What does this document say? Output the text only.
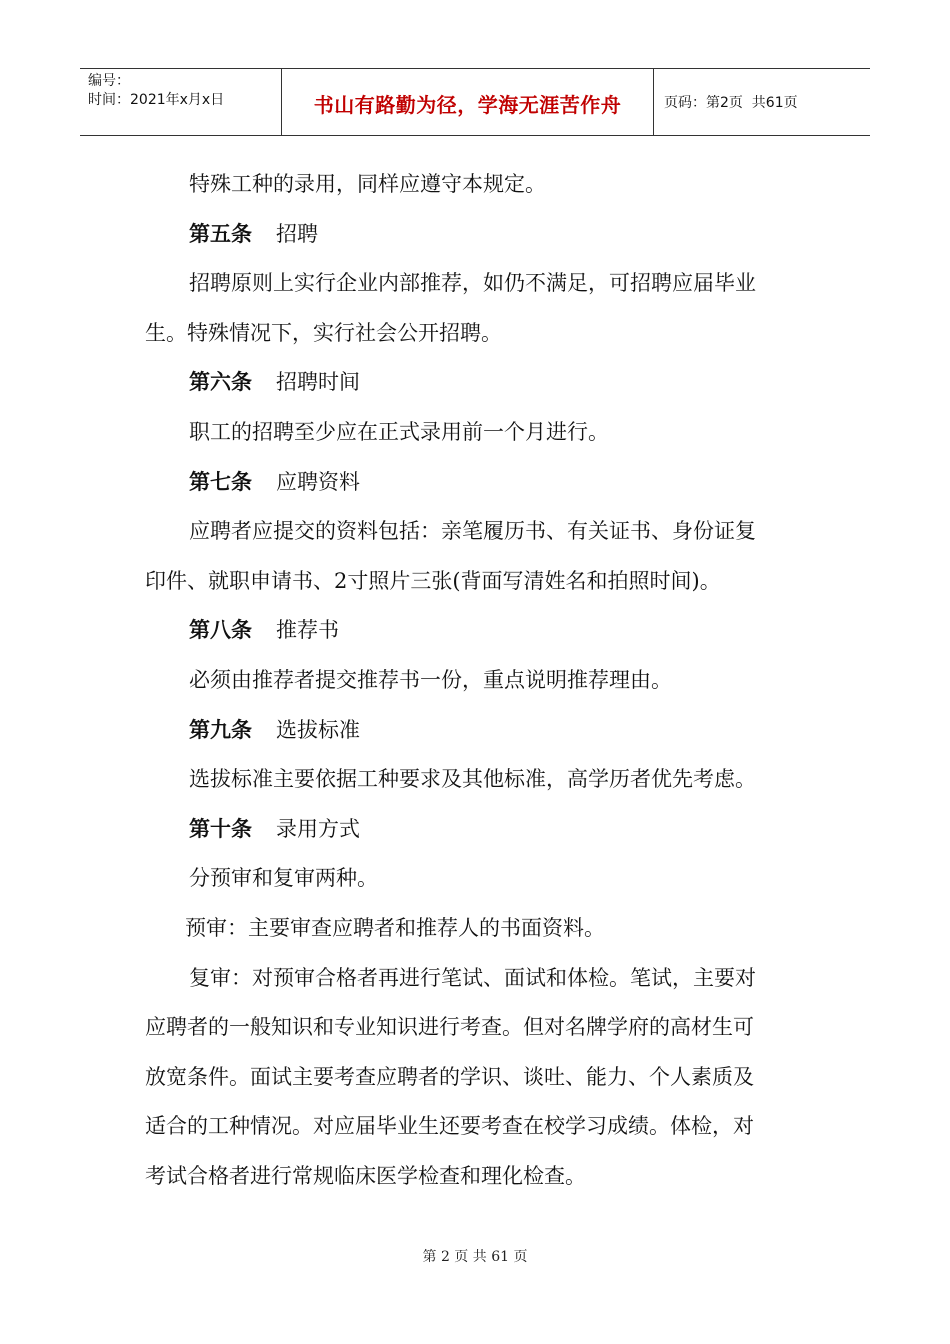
编号：
时间：2021年x月x日	书山有路勤为径，学海无涯苦作舟	页码：第2页  共61页

特殊工种的录用，同样应遵守本规定。

第五条 招聘

招聘原则上实行企业内部推荐，如仍不满足，可招聘应届毕业

生。特殊情况下，实行社会公开招聘。

第六条 招聘时间

职工的招聘至少应在正式录用前一个月进行。

第七条 应聘资料

应聘者应提交的资料包括：亲笔履历书、有关证书、身份证复

印件、就职申请书、2寸照片三张(背面写清姓名和拍照时间)。

第八条 推荐书

必须由推荐者提交推荐书一份，重点说明推荐理由。

第九条 选拔标准

选拔标准主要依据工种要求及其他标准，高学历者优先考虑。

第十条 录用方式

分预审和复审两种。

预审：主要审查应聘者和推荐人的书面资料。

复审：对预审合格者再进行笔试、面试和体检。笔试，主要对

应聘者的一般知识和专业知识进行考查。但对名牌学府的高材生可

放宽条件。面试主要考查应聘者的学识、谈吐、能力、个人素质及

适合的工种情况。对应届毕业生还要考查在校学习成绩。体检，对

考试合格者进行常规临床医学检查和理化检查。

第 2 页 共 61 页
